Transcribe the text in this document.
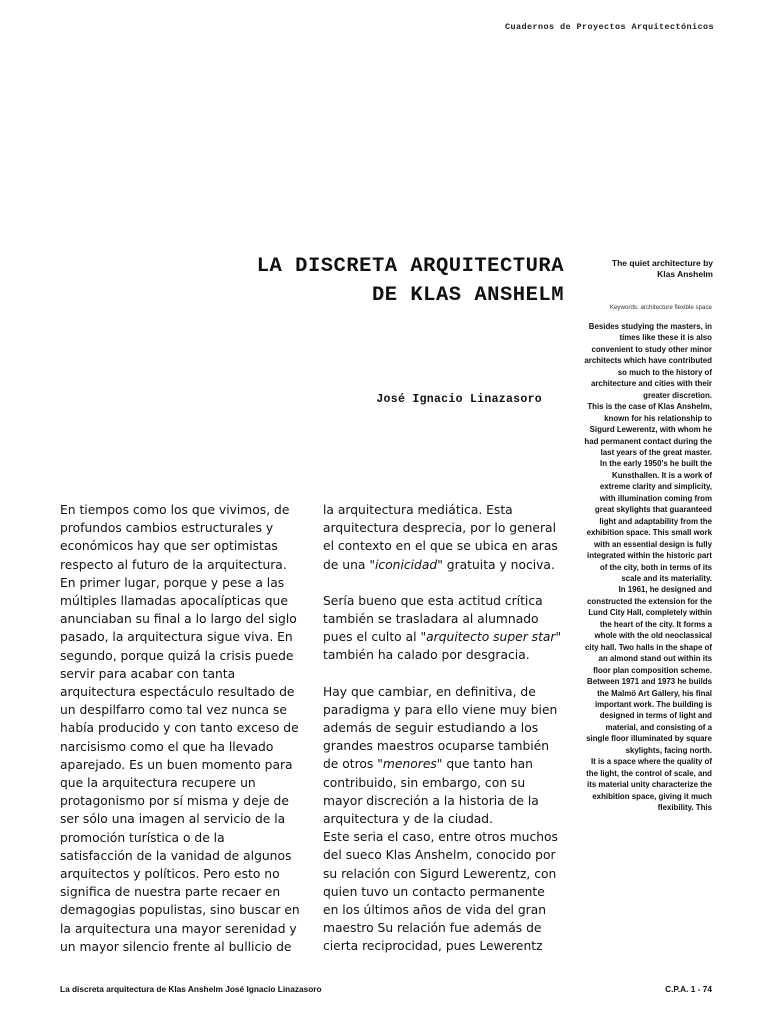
Cuadernos de Proyectos Arquitectónicos
LA DISCRETA ARQUITECTURA
DE KLAS ANSHELM
José Ignacio Linazasoro

En tiempos como los que vivimos, de profundos cambios estructurales y económicos hay que ser optimistas respecto al futuro de la arquitectura. En primer lugar, porque y pese a las múltiples llamadas apocalípticas que anunciaban su final a lo largo del siglo pasado, la arquitectura sigue viva. En segundo, porque quizá la crisis puede servir para acabar con tanta arquitectura espectáculo resultado de un despilfarro como tal vez nunca se había producido y con tanto exceso de narcisismo como el que ha llevado aparejado. Es un buen momento para que la arquitectura recupere un protagonismo por sí misma y deje de ser sólo una imagen al servicio de la promoción turística o de la satisfacción de la vanidad de algunos arquitectos y políticos. Pero esto no significa de nuestra parte recaer en demagogias populistas, sino buscar en la arquitectura una mayor serenidad y un mayor silencio frente al bullicio de

la arquitectura mediática. Esta arquitectura desprecia, por lo general el contexto en el que se ubica en aras de una "iconicidad" gratuita y nociva.

Sería bueno que esta actitud crítica también se trasladara al alumnado pues el culto al "arquitecto super star" también ha calado por desgracia.

Hay que cambiar, en definitiva, de paradigma y para ello viene muy bien además de seguir estudiando a los grandes maestros ocuparse también de otros "menores" que tanto han contribuido, sin embargo, con su mayor discreción a la historia de la arquitectura y de la ciudad.

Este seria el caso, entre otros muchos del sueco Klas Anshelm, conocido por su relación con Sigurd Lewerentz, con quien tuvo un contacto permanente en los últimos años de vida del gran maestro Su relación fue además de cierta reciprocidad, pues Lewerentz

The quiet architecture by
Klas Anshelm
Keywords: architecture flexible space

Besides studying the masters, in times like these it is also convenient to study other minor architects which have contributed so much to the history of architecture and cities with their greater discretion.

This is the case of Klas Anshelm, known for his relationship to Sigurd Lewerentz, with whom he had permanent contact during the last years of the great master.

In the early 1950's he built the Kunsthallen. It is a work of extreme clarity and simplicity, with illumination coming from great skylights that guaranteed light and adaptability from the exhibition space. This small work with an essential design is fully integrated within the historic part of the city, both in terms of its scale and its materiality.

In 1961, he designed and constructed the extension for the Lund City Hall, completely within the heart of the city. It forms a whole with the old neoclassical city hall. Two halls in the shape of an almond stand out within its floor plan composition scheme.

Between 1971 and 1973 he builds the Malmö Art Gallery, his final important work. The building is designed in terms of light and material, and consisting of a single floor illuminated by square skylights, facing north.

It is a space where the quality of the light, the control of scale, and its material unity characterize the exhibition space, giving it much flexibility. This

La discreta arquitectura de Klas Anshelm José Ignacio Linazasoro	C.P.A. 1 - 74
